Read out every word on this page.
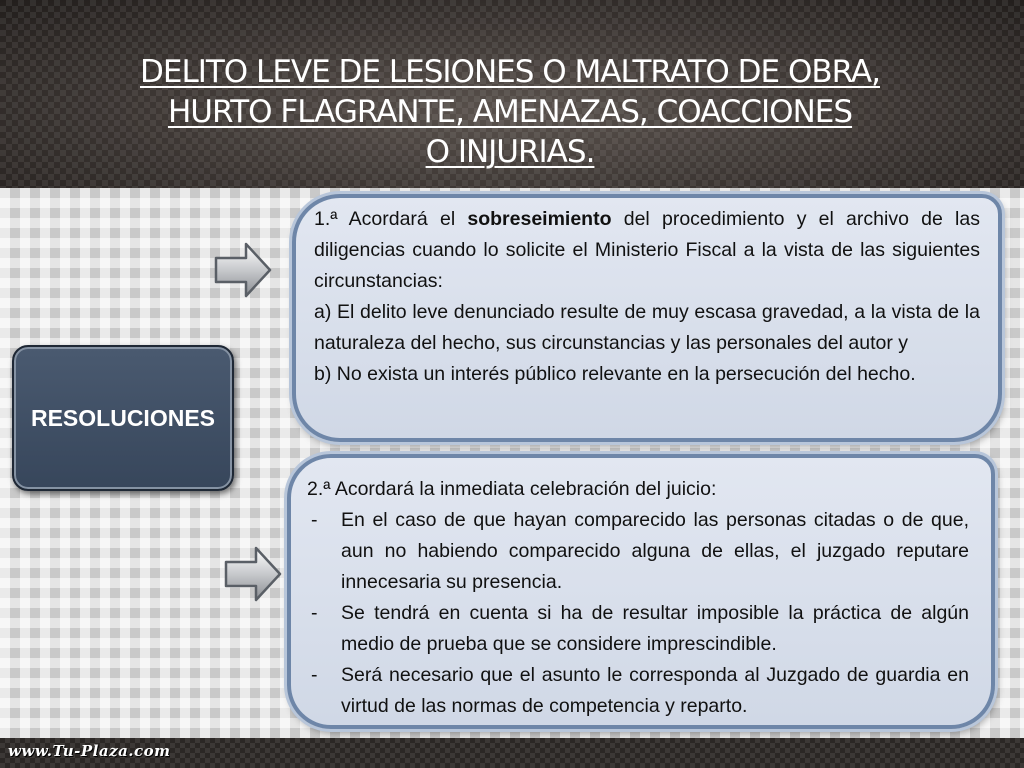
DELITO LEVE DE LESIONES O MALTRATO DE OBRA,
HURTO FLAGRANTE, AMENAZAS, COACCIONES
O INJURIAS.
RESOLUCIONES

1.ª Acordará el sobreseimiento del procedimiento y el archivo de las diligencias cuando lo solicite el Ministerio Fiscal a la vista de las siguientes circunstancias:

a) El delito leve denunciado resulte de muy escasa gravedad, a la vista de la naturaleza del hecho, sus circunstancias y las personales del autor y

b) No exista un interés público relevante en la persecución del hecho.

2.ª Acordará la inmediata celebración del juicio:

-	En el caso de que hayan comparecido las personas citadas o de que, aun no habiendo comparecido alguna de ellas, el juzgado reputare innecesaria su presencia.
-	Se tendrá en cuenta si ha de resultar imposible la práctica de algún medio de prueba que se considere imprescindible.
-	Será necesario que el asunto le corresponda al Juzgado de guardia en virtud de las normas de competencia y reparto.
www.Tu-Plaza.com
